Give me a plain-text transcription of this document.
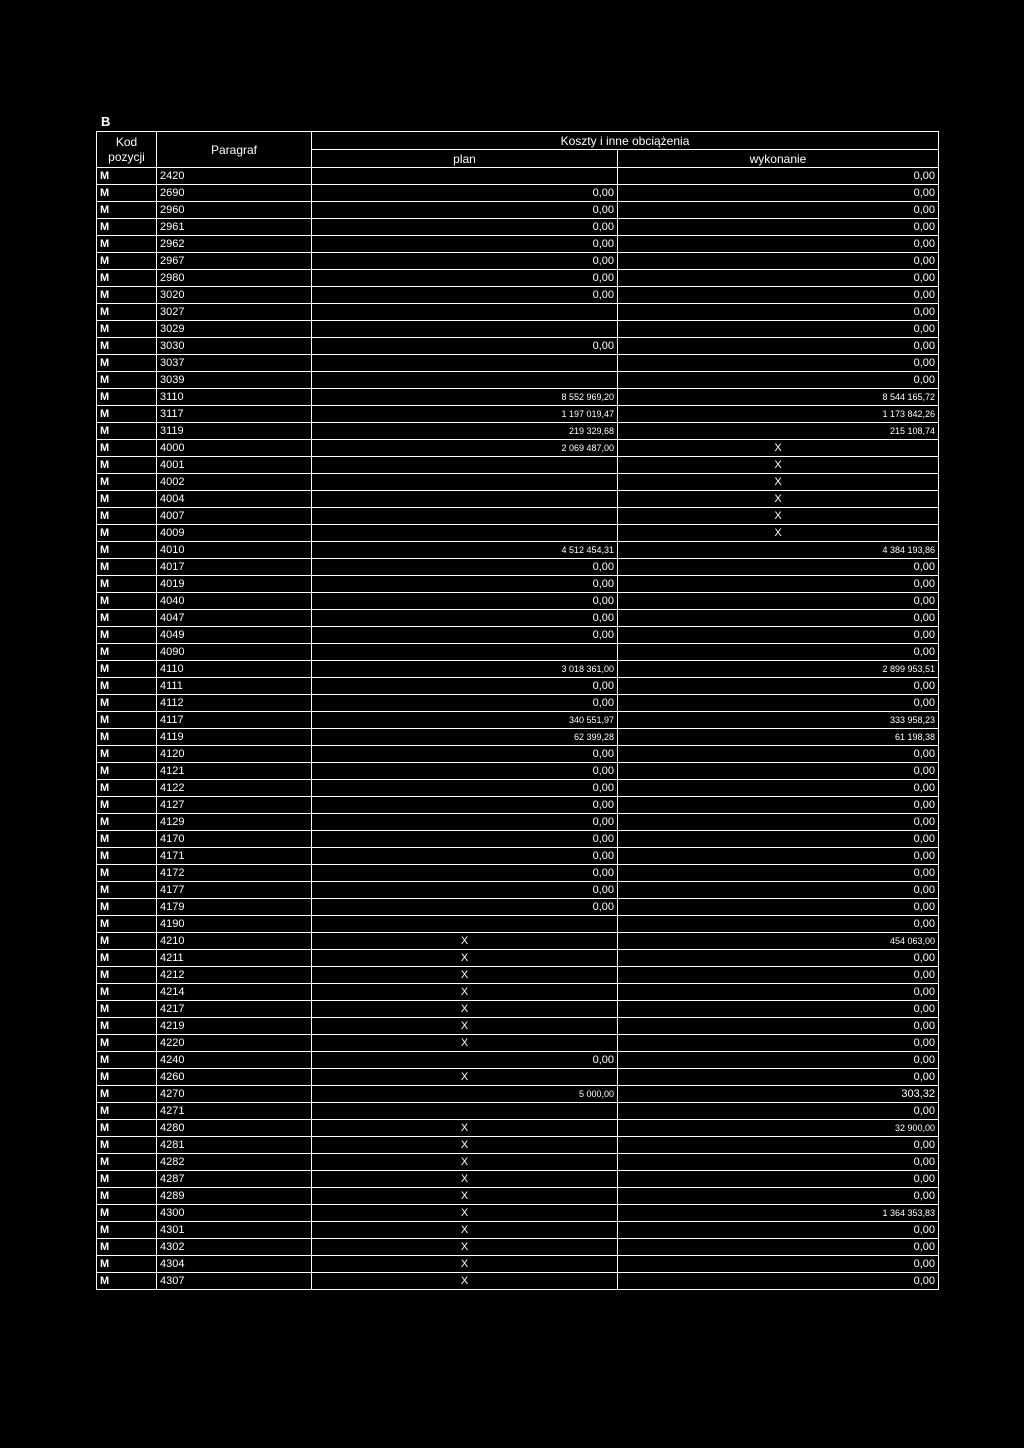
B
Kod pozycji	Paragraf	Koszty i inne obciążenia	
		plan	wykonanie
M	2420		0,00
M	2690	0,00	0,00
M	2960	0,00	0,00
M	2961	0,00	0,00
M	2962	0,00	0,00
M	2967	0,00	0,00
M	2980	0,00	0,00
M	3020	0,00	0,00
M	3027		0,00
M	3029		0,00
M	3030	0,00	0,00
M	3037		0,00
M	3039		0,00
M	3110	8 552 969,20	8 544 165,72
M	3117	1 197 019,47	1 173 842,26
M	3119	219 329,68	215 108,74
M	4000	2 069 487,00	X
M	4001		X
M	4002		X
M	4004		X
M	4007		X
M	4009		X
M	4010	4 512 454,31	4 384 193,86
M	4017	0,00	0,00
M	4019	0,00	0,00
M	4040	0,00	0,00
M	4047	0,00	0,00
M	4049	0,00	0,00
M	4090		0,00
M	4110	3 018 361,00	2 899 953,51
M	4111	0,00	0,00
M	4112	0,00	0,00
M	4117	340 551,97	333 958,23
M	4119	62 399,28	61 198,38
M	4120	0,00	0,00
M	4121	0,00	0,00
M	4122	0,00	0,00
M	4127	0,00	0,00
M	4129	0,00	0,00
M	4170	0,00	0,00
M	4171	0,00	0,00
M	4172	0,00	0,00
M	4177	0,00	0,00
M	4179	0,00	0,00
M	4190		0,00
M	4210	X	454 063,00
M	4211	X	0,00
M	4212	X	0,00
M	4214	X	0,00
M	4217	X	0,00
M	4219	X	0,00
M	4220	X	0,00
M	4240	0,00	0,00
M	4260	X	0,00
M	4270	5 000,00	303,32
M	4271		0,00
M	4280	X	32 900,00
M	4281	X	0,00
M	4282	X	0,00
M	4287	X	0,00
M	4289	X	0,00
M	4300	X	1 364 353,83
M	4301	X	0,00
M	4302	X	0,00
M	4304	X	0,00
M	4307	X	0,00
